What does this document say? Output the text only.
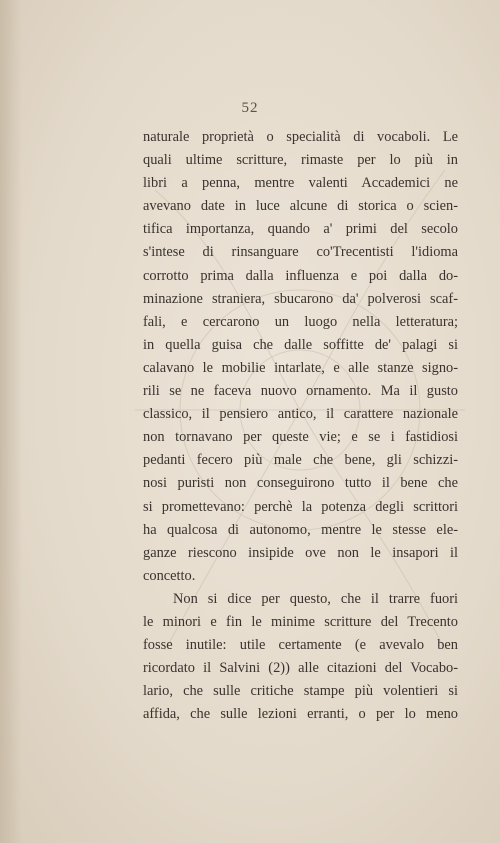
52
naturale proprietà o specialità di vocaboli. Le
quali ultime scritture, rimaste per lo più in
libri a penna, mentre valenti Accademici ne
avevano date in luce alcune di storica o scien-
tifica importanza, quando a' primi del secolo
s'intese di rinsanguare co'Trecentisti l'idioma
corrotto prima dalla influenza e poi dalla do-
minazione straniera, sbucarono da' polverosi scaf-
fali, e cercarono un luogo nella letteratura;
in quella guisa che dalle soffitte de' palagi si
calavano le mobilie intarlate, e alle stanze signo-
rili se ne faceva nuovo ornamento. Ma il gusto
classico, il pensiero antico, il carattere nazionale
non tornavano per queste vie; e se i fastidiosi
pedanti fecero più male che bene, gli schizzi-
nosi puristi non conseguirono tutto il bene che
si promettevano: perchè la potenza degli scrittori
ha qualcosa di autonomo, mentre le stesse ele-
ganze riescono insipide ove non le insapori il
concetto.
Non si dice per questo, che il trarre fuori
le minori e fin le minime scritture del Trecento
fosse inutile: utile certamente (e avevalo ben
ricordato il Salvini (2)) alle citazioni del Vocabo-
lario, che sulle critiche stampe più volentieri si
affida, che sulle lezioni erranti, o per lo meno
